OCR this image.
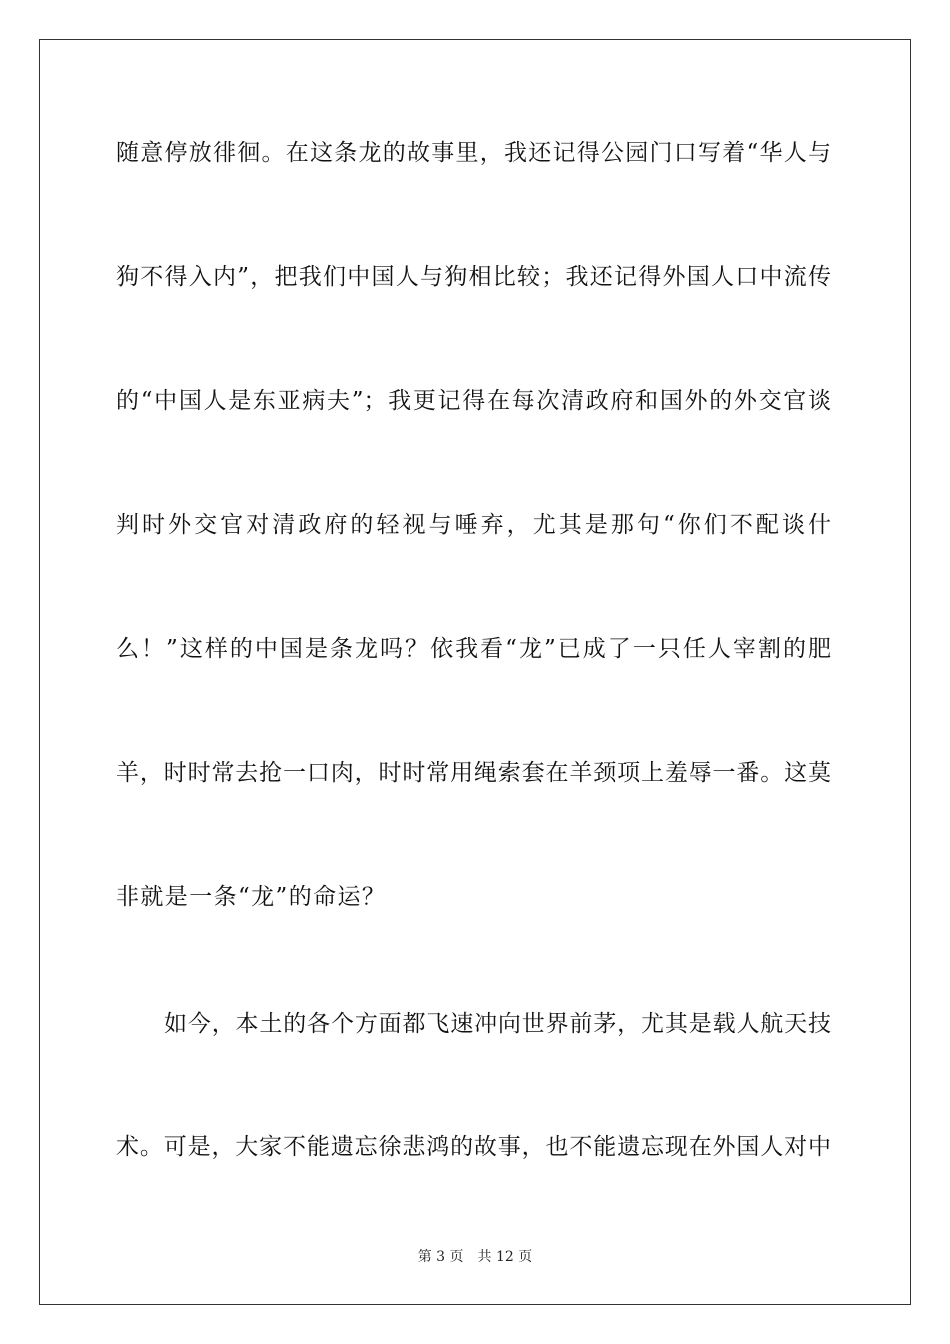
随意停放徘徊。在这条龙的故事里，我还记得公园门口写着“华人与
狗不得入内”，把我们中国人与狗相比较；我还记得外国人口中流传
的“中国人是东亚病夫”；我更记得在每次清政府和国外的外交官谈
判时外交官对清政府的轻视与唾弃，尤其是那句“你们不配谈什
么！”这样的中国是条龙吗？依我看“龙”已成了一只任人宰割的肥
羊，时时常去抢一口肉，时时常用绳索套在羊颈项上羞辱一番。这莫
非就是一条“龙”的命运？
如今，本土的各个方面都飞速冲向世界前茅，尤其是载人航天技
术。可是，大家不能遗忘徐悲鸿的故事，也不能遗忘现在外国人对中
第 3 页　共 12 页
